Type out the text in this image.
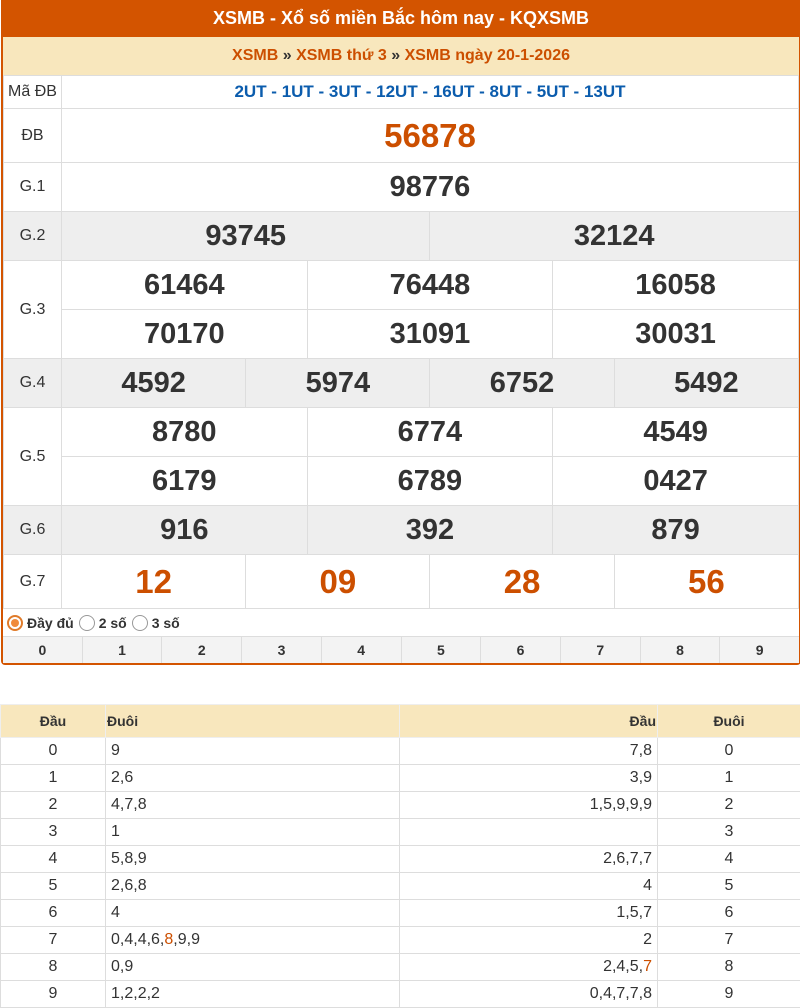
XSMB - Xổ số miền Bắc hôm nay - KQXSMB
XSMB » XSMB thứ 3 » XSMB ngày 20-1-2026
Mã ĐB	2UT - 1UT - 3UT - 12UT - 16UT - 8UT - 5UT - 13UT					
ĐB	56878					
G.1	98776					
G.2	93745			32124		
G.3	61464		76448		16058	
	70170		31091		30031	
G.4	4592	5974		6752		5492
G.5	8780		6774		4549	
	6179		6789		0427	
G.6	916		392		879	
G.7	12	09		28		56
Đầy đủ 2 số 3 số
0	1	2	3	4	5	6	7	8	9
Đầu	Đuôi	Đầu	Đuôi
0	9	7,8	0
1	2,6	3,9	1
2	4,7,8	1,5,9,9,9	2
3	1		3
4	5,8,9	2,6,7,7	4
5	2,6,8	4	5
6	4	1,5,7	6
7	0,4,4,6,8,9,9	2	7
8	0,9	2,4,5,7	8
9	1,2,2,2	0,4,7,7,8	9
